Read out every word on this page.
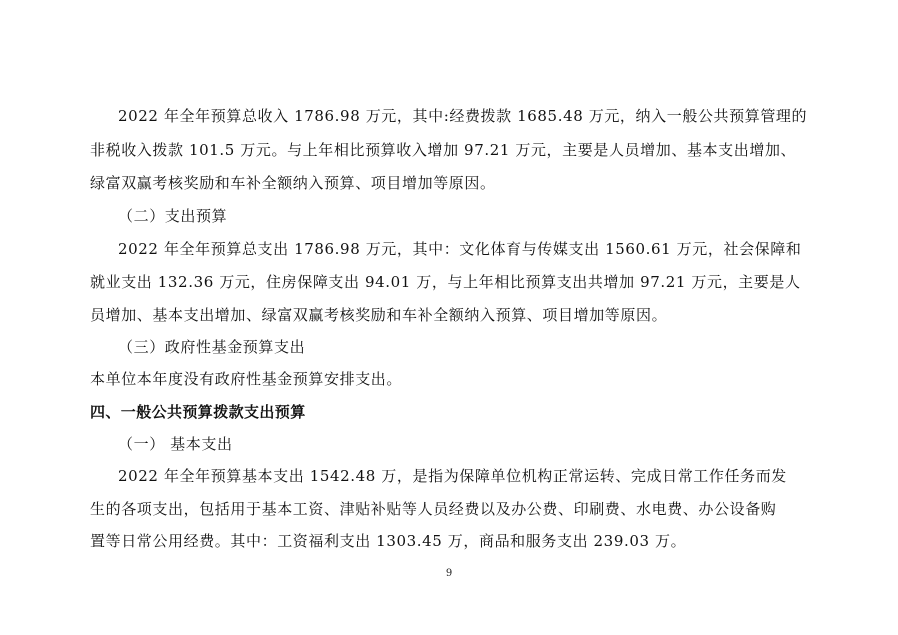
2022 年全年预算总收入 1786.98 万元，其中:经费拨款 1685.48 万元，纳入一般公共预算管理的
非税收入拨款 101.5 万元。与上年相比预算收入增加 97.21 万元，主要是人员增加、基本支出增加、
绿富双赢考核奖励和车补全额纳入预算、项目增加等原因。
（二）支出预算
2022 年全年预算总支出 1786.98 万元，其中：文化体育与传媒支出 1560.61 万元，社会保障和
就业支出 132.36 万元，住房保障支出 94.01 万，与上年相比预算支出共增加 97.21 万元，主要是人
员增加、基本支出增加、绿富双赢考核奖励和车补全额纳入预算、项目增加等原因。
（三）政府性基金预算支出
本单位本年度没有政府性基金预算安排支出。
四、一般公共预算拨款支出预算
（一） 基本支出
2022 年全年预算基本支出 1542.48 万，是指为保障单位机构正常运转、完成日常工作任务而发
生的各项支出，包括用于基本工资、津贴补贴等人员经费以及办公费、印刷费、水电费、办公设备购
置等日常公用经费。其中：工资福利支出 1303.45 万，商品和服务支出 239.03 万。
9
